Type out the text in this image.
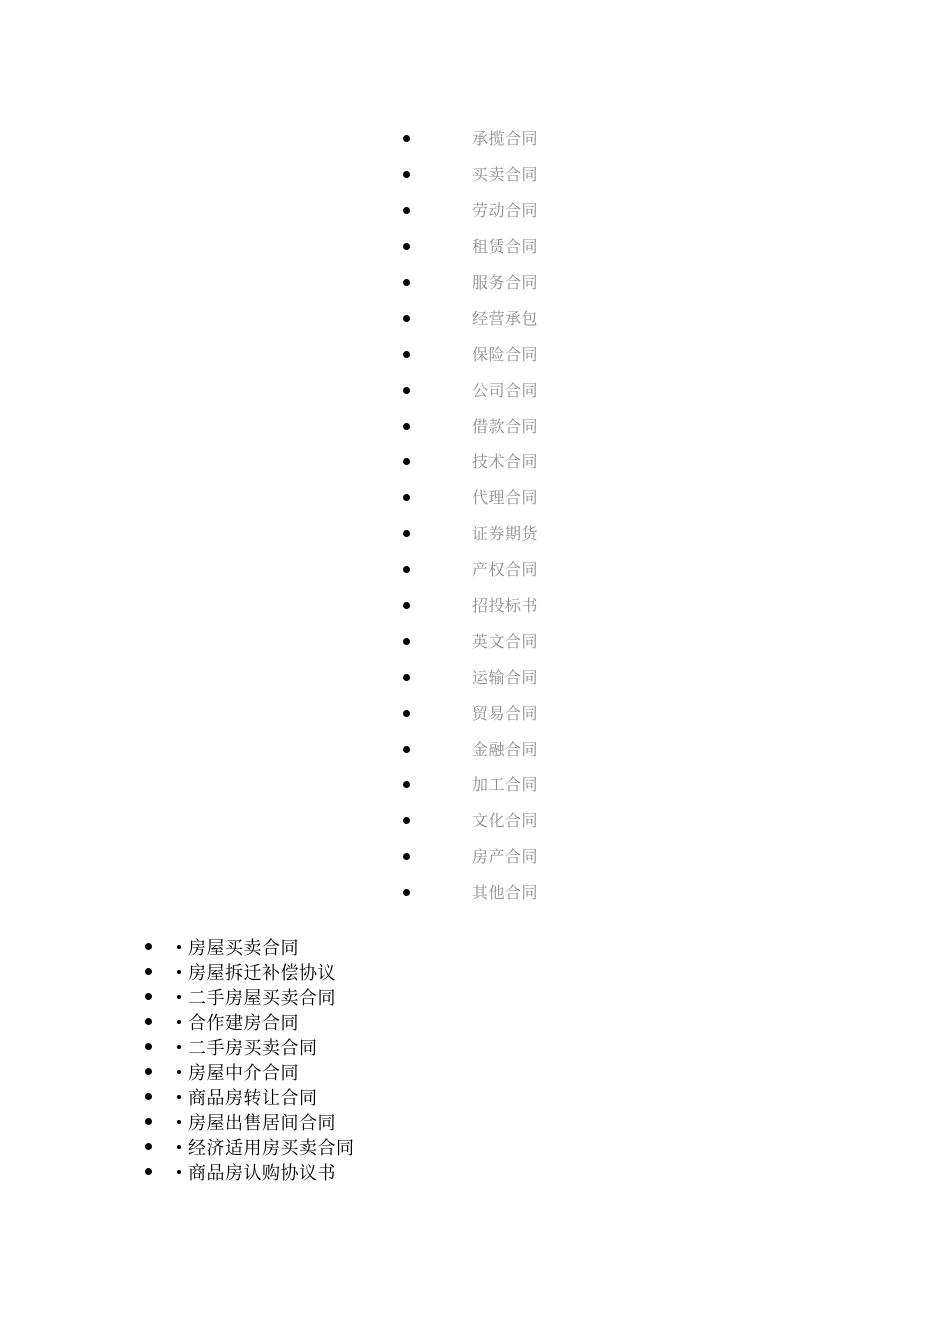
承揽合同
买卖合同
劳动合同
租赁合同
服务合同
经营承包
保险合同
公司合同
借款合同
技术合同
代理合同
证券期货
产权合同
招投标书
英文合同
运输合同
贸易合同
金融合同
加工合同
文化合同
房产合同
其他合同
房屋买卖合同
房屋拆迁补偿协议
二手房屋买卖合同
合作建房合同
二手房买卖合同
房屋中介合同
商品房转让合同
房屋出售居间合同
经济适用房买卖合同
商品房认购协议书
